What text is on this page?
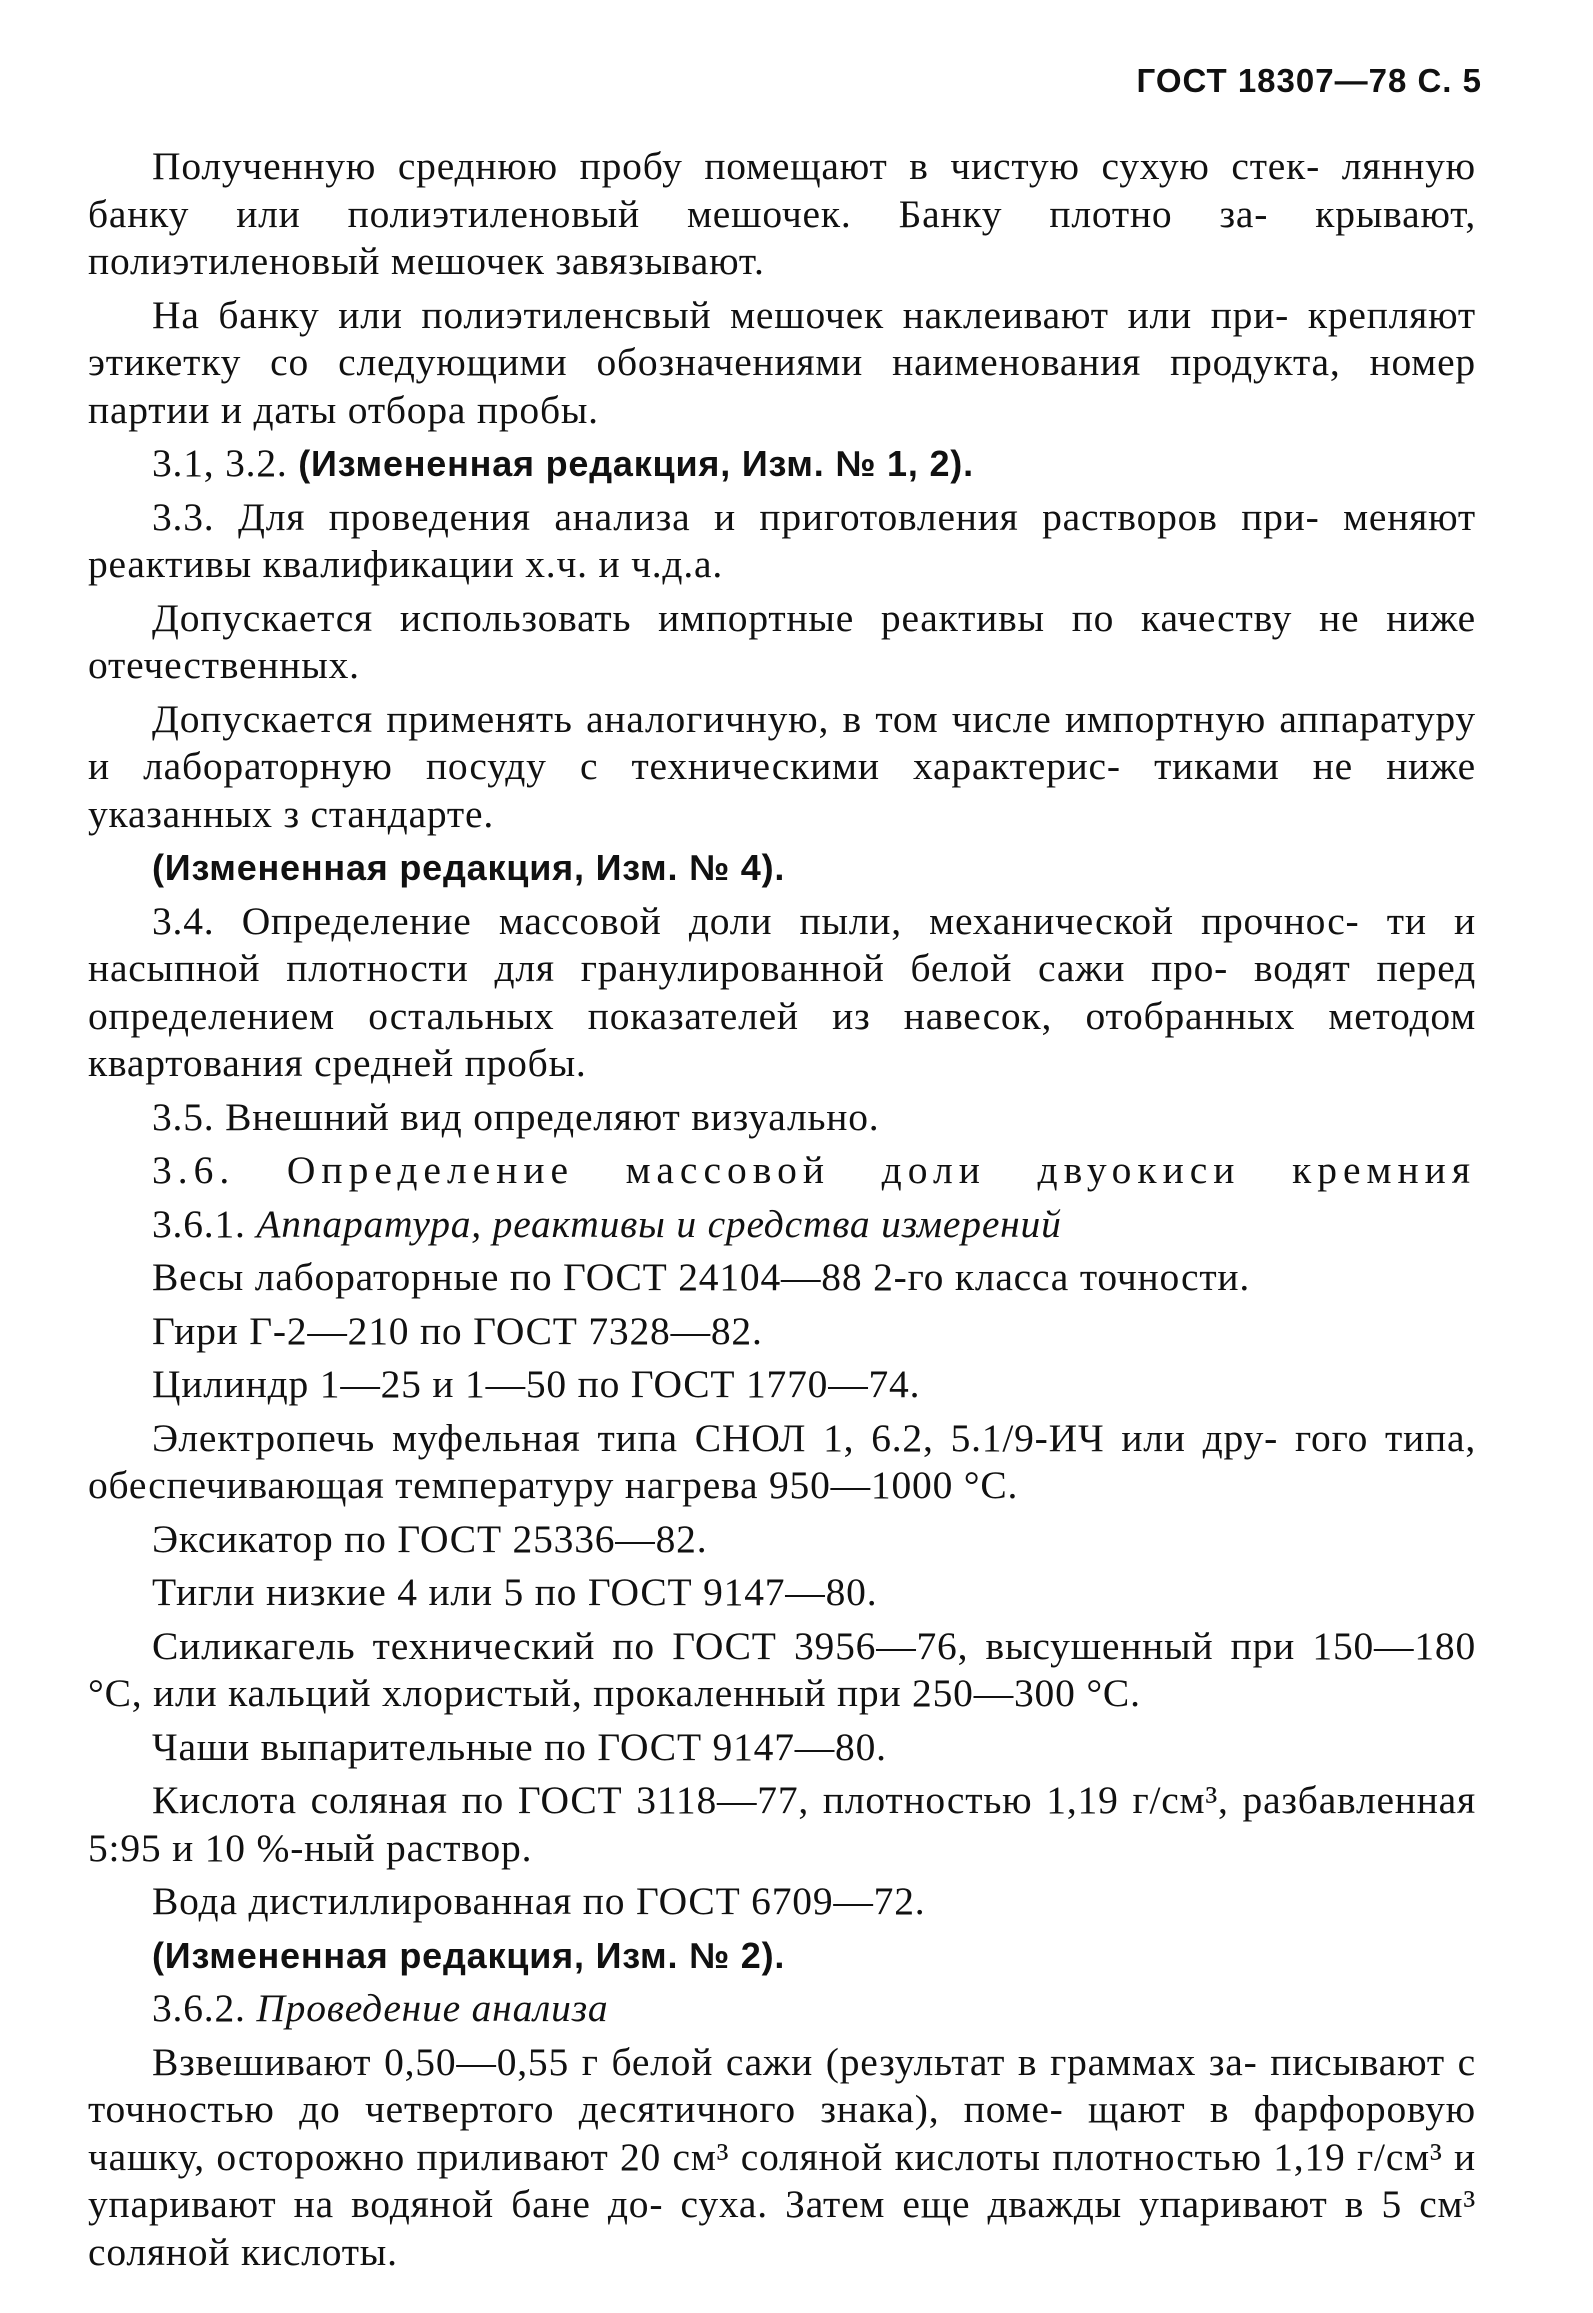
ГОСТ 18307—78 С. 5

Полученную среднюю пробу помещают в чистую сухую стек- лянную банку или полиэтиленовый мешочек. Банку плотно за- крывают, полиэтиленовый мешочек завязывают.

На банку или полиэтиленсвый мешочек наклеивают или при- крепляют этикетку со следующими обозначениями наименования продукта, номер партии и даты отбора пробы.

3.1, 3.2. (Измененная редакция, Изм. № 1, 2).

3.3. Для проведения анализа и приготовления растворов при- меняют реактивы квалификации х.ч. и ч.д.а.

Допускается использовать импортные реактивы по качеству не ниже отечественных.

Допускается применять аналогичную, в том числе импортную аппаратуру и лабораторную посуду с техническими характерис- тиками не ниже указанных з стандарте.

(Измененная редакция, Изм. № 4).

3.4. Определение массовой доли пыли, механической прочнос- ти и насыпной плотности для гранулированной белой сажи про- водят перед определением остальных показателей из навесок, отобранных методом квартования средней пробы.

3.5. Внешний вид определяют визуально.

3.6. Определение массовой доли двуокиси кремния

3.6.1. Аппаратура, реактивы и средства измерений

Весы лабораторные по ГОСТ 24104—88 2-го класса точности.

Гири Г-2—210 по ГОСТ 7328—82.

Цилиндр 1—25 и 1—50 по ГОСТ 1770—74.

Электропечь муфельная типа СНОЛ 1, 6.2, 5.1/9-ИЧ или дру- гого типа, обеспечивающая температуру нагрева 950—1000 °С.

Эксикатор по ГОСТ 25336—82.

Тигли низкие 4 или 5 по ГОСТ 9147—80.

Силикагель технический по ГОСТ 3956—76, высушенный при 150—180 °С, или кальций хлористый, прокаленный при 250—300 °С.

Чаши выпарительные по ГОСТ 9147—80.

Кислота соляная по ГОСТ 3118—77, плотностью 1,19 г/см³, разбавленная 5:95 и 10 %-ный раствор.

Вода дистиллированная по ГОСТ 6709—72.

(Измененная редакция, Изм. № 2).

3.6.2. Проведение анализа

Взвешивают 0,50—0,55 г белой сажи (результат в граммах за- писывают с точностью до четвертого десятичного знака), поме- щают в фарфоровую чашку, осторожно приливают 20 см³ соляной кислоты плотностью 1,19 г/см³ и упаривают на водяной бане до- суха. Затем еще дважды упаривают в 5 см³ соляной кислоты.
